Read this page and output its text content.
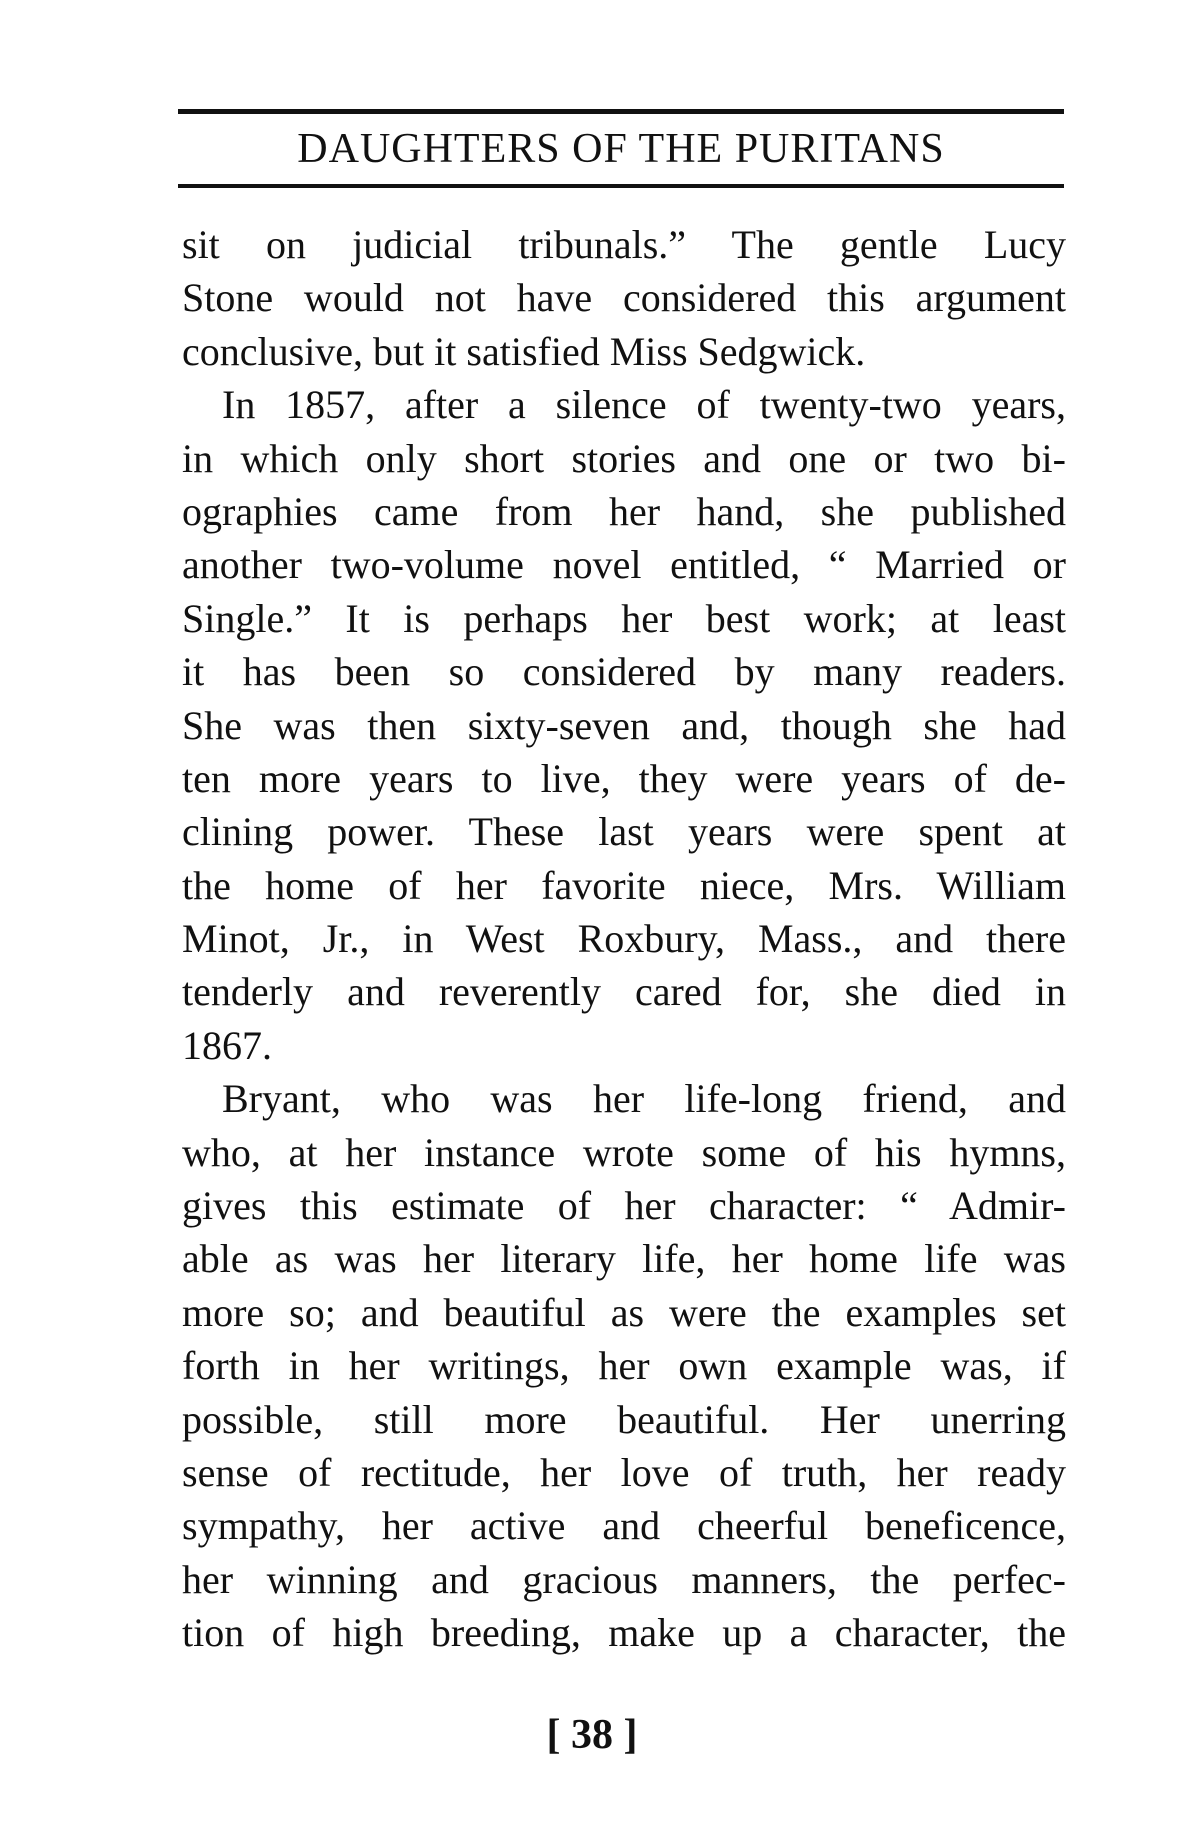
DAUGHTERS OF THE PURITANS
sit on judicial tribunals.” The gentle Lucy
Stone would not have considered this argument
conclusive, but it satisfied Miss Sedgwick.
In 1857, after a silence of twenty-two years,
in which only short stories and one or two bi-
ographies came from her hand, she published
another two-volume novel entitled, “ Married or
Single.” It is perhaps her best work; at least
it has been so considered by many readers.
She was then sixty-seven and, though she had
ten more years to live, they were years of de-
clining power. These last years were spent at
the home of her favorite niece, Mrs. William
Minot, Jr., in West Roxbury, Mass., and there
tenderly and reverently cared for, she died in
1867.
Bryant, who was her life-long friend, and
who, at her instance wrote some of his hymns,
gives this estimate of her character: “ Admir-
able as was her literary life, her home life was
more so; and beautiful as were the examples set
forth in her writings, her own example was, if
possible, still more beautiful. Her unerring
sense of rectitude, her love of truth, her ready
sympathy, her active and cheerful beneficence,
her winning and gracious manners, the perfec-
tion of high breeding, make up a character, the
[ 38 ]
